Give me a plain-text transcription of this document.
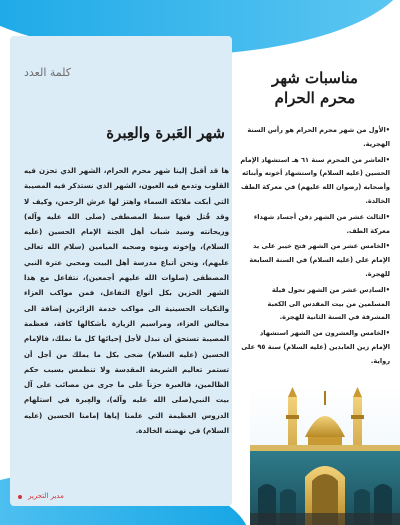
كلمة العدد
شهر العَبرة والعِبرة
ها قد أقبل إلينا شهر محرم الحرام، الشهر الذي تحزن فيه القلوب وتدمع فيه العيون، الشهر الذي نستذكر فيه المصيبة التي أبكت ملائكة السماء واهتز لها عرش الرحمن، وكيف لا وقد قُتل فيها سبط المصطفى (صلى الله عليه وآله) وريحانته وسيد شباب أهل الجنة الإمام الحسين (عليه السلام)، وإخوته وبنوه وصحبه الميامين (سلام الله تعالى عليهم)، ونحن أتباع مدرسة أهل البيت ومحبي عترة النبي المصطفى (صلوات الله عليهم أجمعين)، نتفاعل مع هذا الشهر الحزين بكل أنواع التفاعل، فمن مواكب العزاء والتكيات الحسينية الى مواكب خدمة الزائرين إضافة الى مجالس العزاء، ومراسيم الزيارة بأشكالها كافة، فعظمة المصيبة تستحق أن نبذل لأجل إحيائها كل ما نملك، فالإمام الحسين (عليه السلام) ضحى بكل ما يملك من أجل أن تستمر تعاليم الشريعة المقدسة ولا تنطمس بسبب حكم الظالمين، فالعبرة حزناً على ما جرى من مصائب على آل بيت النبي(صلى الله عليه وآله)، والعِبرة في استلهام الدروس العظيمة التي علمنا إياها إمامنا الحسين (عليه السلام) في نهضته الخالدة.
مدير التحرير
مناسبات شهر
محرم الحرام
•الأول من شهر محرم الحرام هو رأس السنة الهجرية.
•العاشر من المحرم سنة ٦١ هـ استشهاد الإمام الحسين (عليه السلام) واستشهاد أخوته وأبنائه وأصحابه (رضوان الله عليهم) في معركة الطف الخالدة.
•الثالث عشر من الشهر دفن أجساد شهداء معركة الطف.
•الخامس عشر من الشهر فتح خيبر على يد الإمام علي (عليه السلام) في السنة السابعة للهجرة.
•السادس عشر من الشهر تحول قبلة المسلمين من بيت المقدس الى الكعبة المشرفة في السنة الثانية للهجرة.
•الخامس والعشرون من الشهر استشهاد الإمام زين العابدين (عليه السلام) سنة ٩٥ على رواية.
